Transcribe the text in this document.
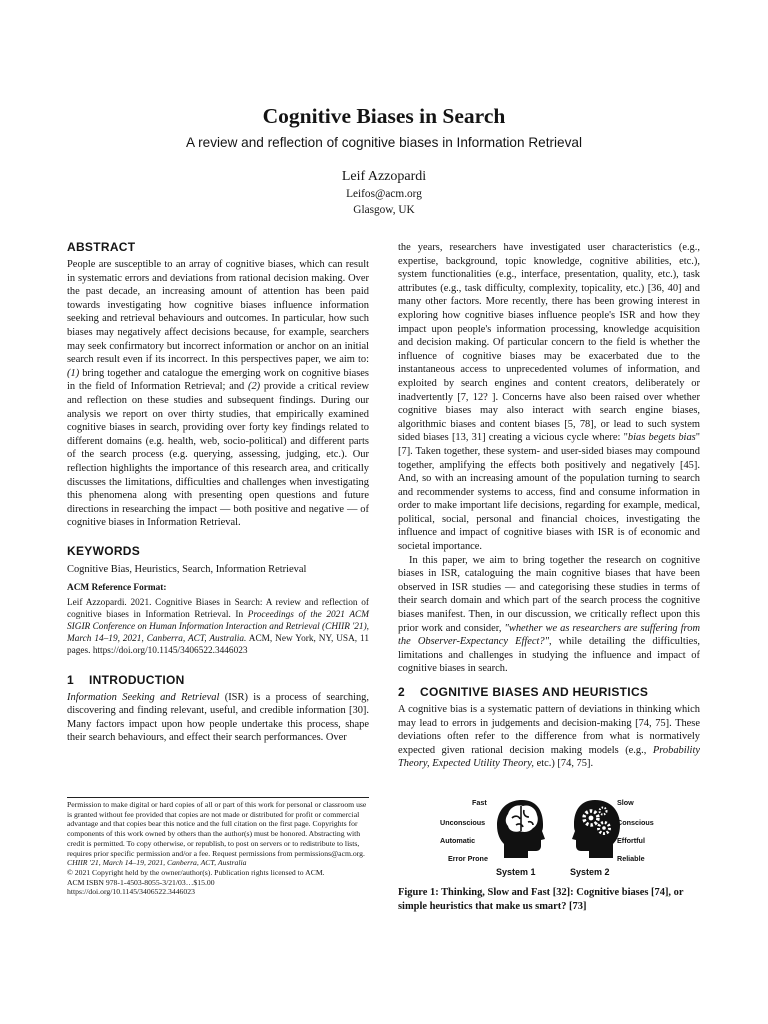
Cognitive Biases in Search
A review and reflection of cognitive biases in Information Retrieval
Leif Azzopardi
Leifos@acm.org
Glasgow, UK
ABSTRACT

People are susceptible to an array of cognitive biases, which can result in systematic errors and deviations from rational decision making. Over the past decade, an increasing amount of attention has been paid towards investigating how cognitive biases influence information seeking and retrieval behaviours and outcomes. In particular, how such biases may negatively affect decisions because, for example, searchers may seek confirmatory but incorrect information or anchor on an initial search result even if its incorrect. In this perspectives paper, we aim to: (1) bring together and catalogue the emerging work on cognitive biases in the field of Information Retrieval; and (2) provide a critical review and reflection on these studies and subsequent findings. During our analysis we report on over thirty studies, that empirically examined cognitive biases in search, providing over forty key findings related to different domains (e.g. health, web, socio-political) and different parts of the search process (e.g. querying, assessing, judging, etc.). Our reflection highlights the importance of this research area, and critically discusses the limitations, difficulties and challenges when investigating this phenomena along with presenting open questions and future directions in researching the impact — both positive and negative — of cognitive biases in Information Retrieval.

KEYWORDS

Cognitive Bias, Heuristics, Search, Information Retrieval

ACM Reference Format:
Leif Azzopardi. 2021. Cognitive Biases in Search: A review and reflection of cognitive biases in Information Retrieval. In Proceedings of the 2021 ACM SIGIR Conference on Human Information Interaction and Retrieval (CHIIR '21), March 14–19, 2021, Canberra, ACT, Australia. ACM, New York, NY, USA, 11 pages. https://doi.org/10.1145/3406522.3446023
1 INTRODUCTION

Information Seeking and Retrieval (ISR) is a process of searching, discovering and finding relevant, useful, and credible information [30]. Many factors impact upon how people undertake this process, shape their search behaviours, and effect their search performances. Over

Permission to make digital or hard copies of all or part of this work for personal or classroom use is granted without fee provided that copies are not made or distributed for profit or commercial advantage and that copies bear this notice and the full citation on the first page. Copyrights for components of this work owned by others than the author(s) must be honored. Abstracting with credit is permitted. To copy otherwise, or republish, to post on servers or to redistribute to lists, requires prior specific permission and/or a fee. Request permissions from permissions@acm.org.

CHIIR '21, March 14–19, 2021, Canberra, ACT, Australia

© 2021 Copyright held by the owner/author(s). Publication rights licensed to ACM.

ACM ISBN 978-1-4503-8055-3/21/03…$15.00

https://doi.org/10.1145/3406522.3446023

the years, researchers have investigated user characteristics (e.g., expertise, background, topic knowledge, cognitive abilities, etc.), system functionalities (e.g., interface, presentation, quality, etc.), task attributes (e.g., task difficulty, complexity, topicality, etc.) [36, 40] and many other factors. More recently, there has been growing interest in exploring how cognitive biases influence people's ISR and how they impact upon people's information processing, knowledge acquisition and decision making. Of particular concern to the field is whether the influence of cognitive biases may be exacerbated due to the instantaneous access to unprecedented volumes of information, and exploited by search engines and content creators, deliberately or inadvertently [7, 12? ]. Concerns have also been raised over whether cognitive biases may also interact with search engine biases, algorithmic biases and content biases [5, 78], or lead to such system sided biases [13, 31] creating a vicious cycle where: "bias begets bias" [7]. Taken together, these system- and user-sided biases may compound together, amplifying the effects both positively and negatively [45]. And, so with an increasing amount of the population turning to search and recommender systems to access, find and consume information in order to make important life decisions, regarding for example, medical, political, social, personal and financial choices, investigating the influence and impact of cognitive biases with ISR is of economic and societal importance.

In this paper, we aim to bring together the research on cognitive biases in ISR, cataloguing the main cognitive biases that have been observed in ISR studies — and categorising these studies in terms of their search domain and which part of the search process the cognitive biases manifest. Then, in our discussion, we critically reflect upon this prior work and consider, "whether we as researchers are suffering from the Observer-Expectancy Effect?", while detailing the difficulties, limitations and challenges in studying the influence and impact of cognitive biases in search.

2 COGNITIVE BIASES AND HEURISTICS

A cognitive bias is a systematic pattern of deviations in thinking which may lead to errors in judgements and decision-making [74, 75]. These deviations often refer to the difference from what is normatively expected given rational decision making models (e.g., Probability Theory, Expected Utility Theory, etc.) [74, 75].

Fast
Unconscious
Automatic
Error Prone
Slow
Conscious
Effortful
Reliable
System 1	System 2
Figure 1: Thinking, Slow and Fast [32]: Cognitive biases [74], or simple heuristics that make us smart? [73]
